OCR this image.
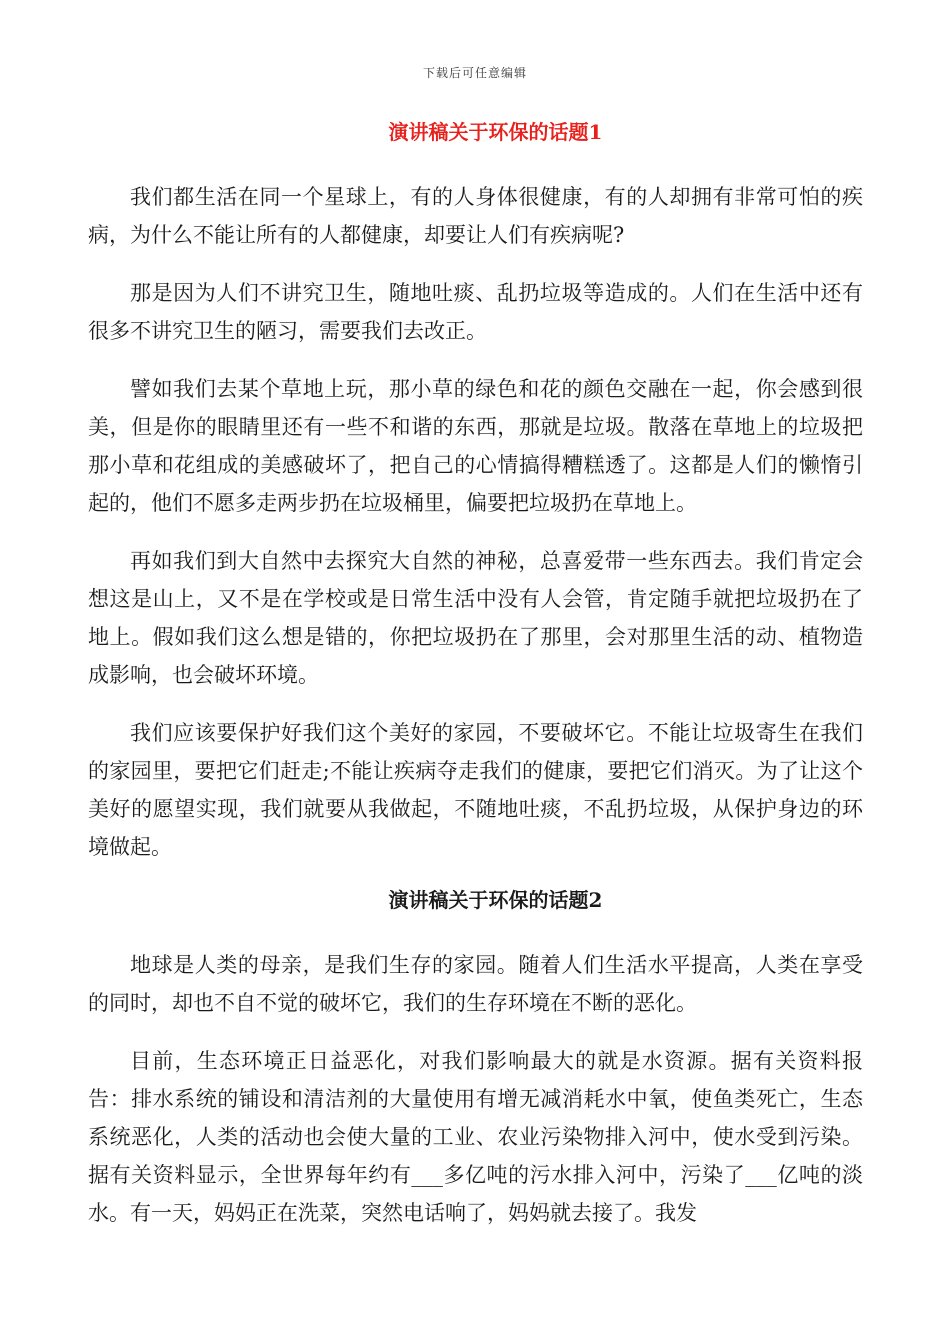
下载后可任意编辑
演讲稿关于环保的话题1

我们都生活在同一个星球上，有的人身体很健康，有的人却拥有非常可怕的疾病，为什么不能让所有的人都健康，却要让人们有疾病呢?

那是因为人们不讲究卫生，随地吐痰、乱扔垃圾等造成的。人们在生活中还有很多不讲究卫生的陋习，需要我们去改正。

譬如我们去某个草地上玩，那小草的绿色和花的颜色交融在一起，你会感到很美，但是你的眼睛里还有一些不和谐的东西，那就是垃圾。散落在草地上的垃圾把那小草和花组成的美感破坏了，把自己的心情搞得糟糕透了。这都是人们的懒惰引起的，他们不愿多走两步扔在垃圾桶里，偏要把垃圾扔在草地上。

再如我们到大自然中去探究大自然的神秘，总喜爱带一些东西去。我们肯定会想这是山上，又不是在学校或是日常生活中没有人会管，肯定随手就把垃圾扔在了地上。假如我们这么想是错的，你把垃圾扔在了那里，会对那里生活的动、植物造成影响，也会破坏环境。

我们应该要保护好我们这个美好的家园，不要破坏它。不能让垃圾寄生在我们的家园里，要把它们赶走;不能让疾病夺走我们的健康，要把它们消灭。为了让这个美好的愿望实现，我们就要从我做起，不随地吐痰，不乱扔垃圾，从保护身边的环境做起。

演讲稿关于环保的话题2

地球是人类的母亲，是我们生存的家园。随着人们生活水平提高，人类在享受的同时，却也不自不觉的破坏它，我们的生存环境在不断的恶化。

目前，生态环境正日益恶化，对我们影响最大的就是水资源。据有关资料报告：排水系统的铺设和清洁剂的大量使用有增无减消耗水中氧，使鱼类死亡，生态系统恶化，人类的活动也会使大量的工业、农业污染物排入河中，使水受到污染。据有关资料显示，全世界每年约有___多亿吨的污水排入河中，污染了___亿吨的淡水。有一天，妈妈正在洗菜，突然电话响了，妈妈就去接了。我发
